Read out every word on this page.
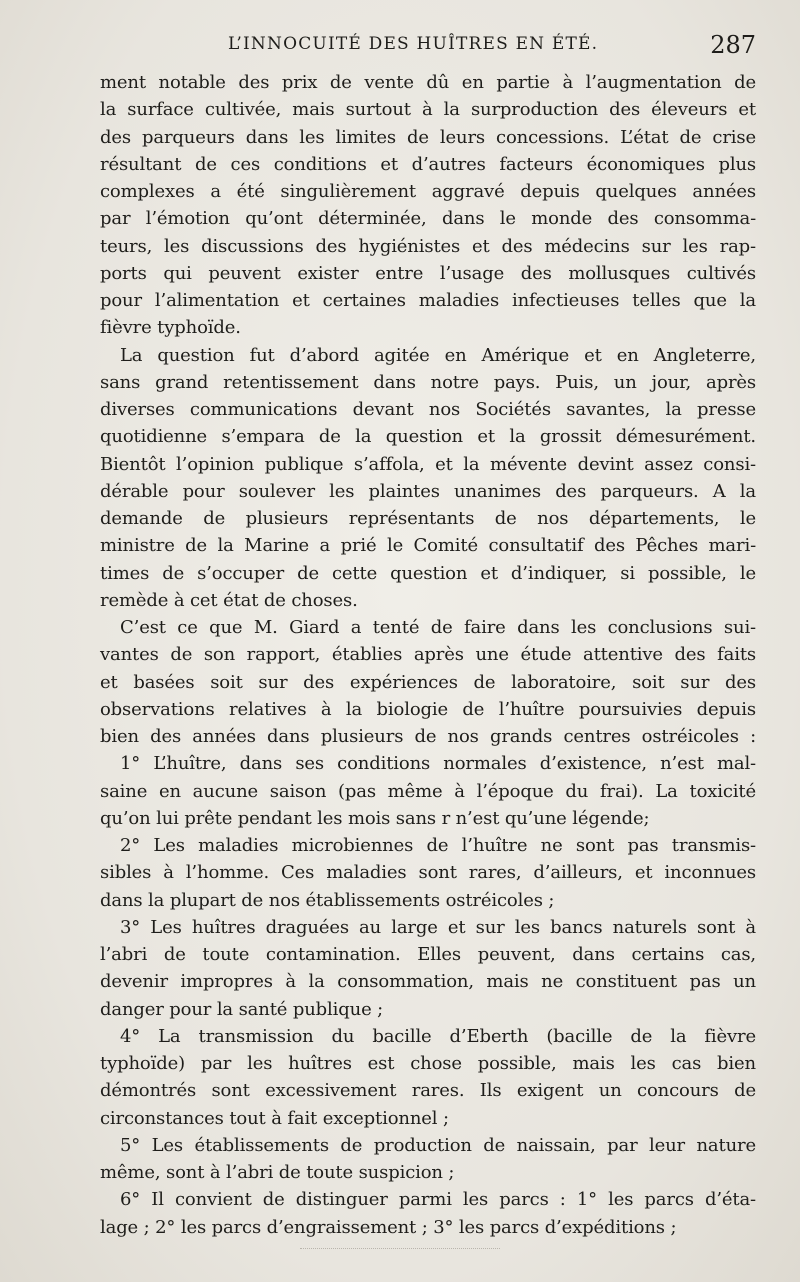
L’INNOCUITÉ DES HUÎTRES EN ÉTÉ.	287
ment notable des prix de vente dû en partie à l’augmentation de
la surface cultivée, mais surtout à la surproduction des éleveurs et
des parqueurs dans les limites de leurs concessions. L’état de crise
résultant de ces conditions et d’autres facteurs économiques plus
complexes a été singulièrement aggravé depuis quelques années
par l’émotion qu’ont déterminée, dans le monde des consomma-
teurs, les discussions des hygiénistes et des médecins sur les rap-
ports qui peuvent exister entre l’usage des mollusques cultivés
pour l’alimentation et certaines maladies infectieuses telles que la
fièvre typhoïde.
La question fut d’abord agitée en Amérique et en Angleterre,
sans grand retentissement dans notre pays. Puis, un jour, après
diverses communications devant nos Sociétés savantes, la presse
quotidienne s’empara de la question et la grossit démesurément.
Bientôt l’opinion publique s’affola, et la mévente devint assez consi-
dérable pour soulever les plaintes unanimes des parqueurs. A la
demande de plusieurs représentants de nos départements, le
ministre de la Marine a prié le Comité consultatif des Pêches mari-
times de s’occuper de cette question et d’indiquer, si possible, le
remède à cet état de choses.
C’est ce que M. Giard a tenté de faire dans les conclusions sui-
vantes de son rapport, établies après une étude attentive des faits
et basées soit sur des expériences de laboratoire, soit sur des
observations relatives à la biologie de l’huître poursuivies depuis
bien des années dans plusieurs de nos grands centres ostréicoles :
1° L’huître, dans ses conditions normales d’existence, n’est mal-
saine en aucune saison (pas même à l’époque du frai). La toxicité
qu’on lui prête pendant les mois sans r n’est qu’une légende;
2° Les maladies microbiennes de l’huître ne sont pas transmis-
sibles à l’homme. Ces maladies sont rares, d’ailleurs, et inconnues
dans la plupart de nos établissements ostréicoles ;
3° Les huîtres draguées au large et sur les bancs naturels sont à
l’abri de toute contamination. Elles peuvent, dans certains cas,
devenir impropres à la consommation, mais ne constituent pas un
danger pour la santé publique ;
4° La transmission du bacille d’Eberth (bacille de la fièvre
typhoïde) par les huîtres est chose possible, mais les cas bien
démontrés sont excessivement rares. Ils exigent un concours de
circonstances tout à fait exceptionnel ;
5° Les établissements de production de naissain, par leur nature
même, sont à l’abri de toute suspicion ;
6° Il convient de distinguer parmi les parcs : 1° les parcs d’éta-
lage ; 2° les parcs d’engraissement ; 3° les parcs d’expéditions ;
